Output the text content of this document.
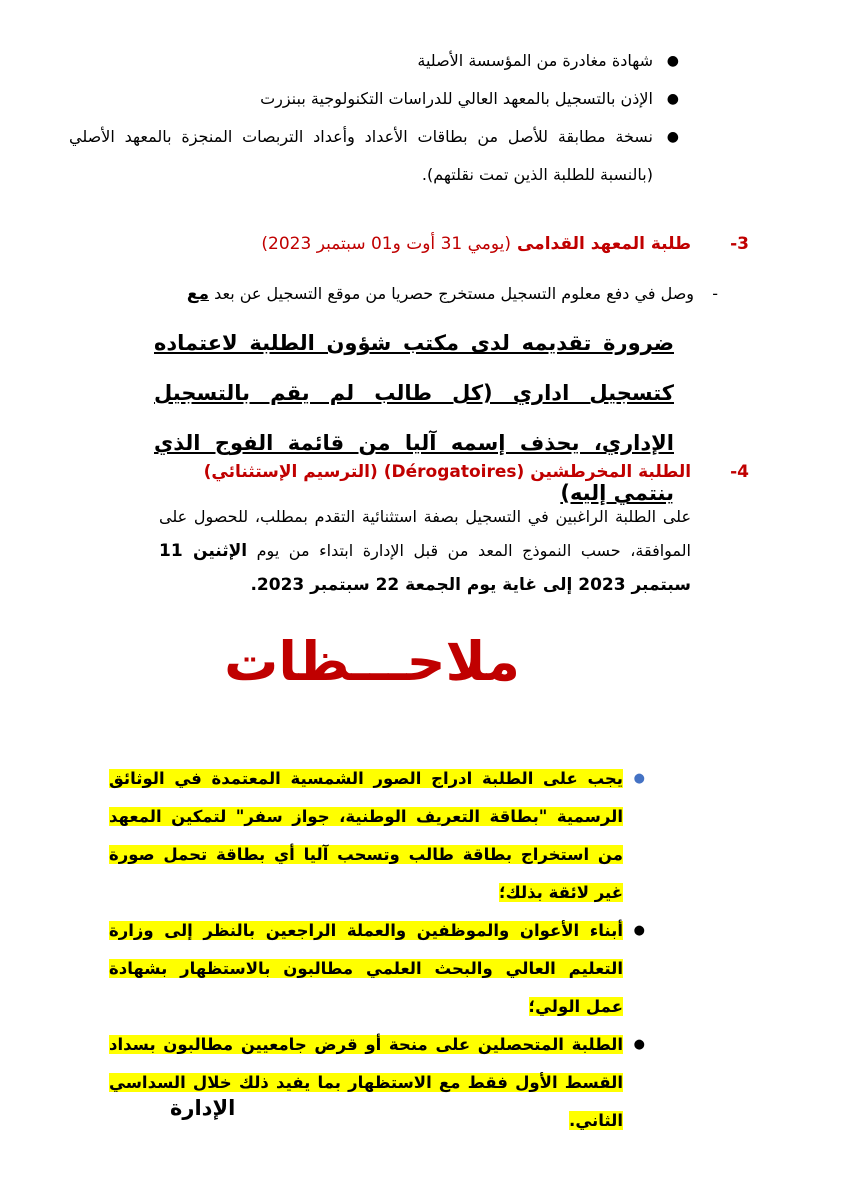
●
شهادة مغادرة من المؤسسة الأصلية
●
الإذن بالتسجيل بالمعهد العالي للدراسات التكنولوجية ببنزرت
●
نسخة مطابقة للأصل من بطاقات الأعداد وأعداد التربصات المنجزة بالمعهد الأصلي (بالنسبة للطلبة الذين تمت نقلتهم).
3- طلبة المعهد القدامى (يومي 31 أوت و01 سبتمبر 2023)
-
وصل في دفع معلوم التسجيل مستخرج حصريا من موقع التسجيل عن بعد مع
ضرورة تقديمه لدى مكتب شؤون الطلبة لاعتماده كتسجيل اداري (كل طالب لم يقم بالتسجيل الإداري، يحذف إسمه آليا من قائمة الفوج الذي ينتمي إليه)
4- الطلبة المخرطشين (Dérogatoires) (الترسيم الإستثنائي)
على الطلبة الراغبين في التسجيل بصفة استثنائية التقدم بمطلب، للحصول على الموافقة، حسب النموذج المعد من قبل الإدارة ابتداء من يوم الإثنين 11 سبتمبر 2023 إلى غاية يوم الجمعة 22 سبتمبر 2023.
ملاحـــظات
●
يجب على الطلبة ادراج الصور الشمسية المعتمدة في الوثائق الرسمية "بطاقة التعريف الوطنية، جواز سفر" لتمكين المعهد من استخراج بطاقة طالب وتسحب آليا أي بطاقة تحمل صورة غير لائقة بذلك؛
●
أبناء الأعوان والموظفين والعملة الراجعين بالنظر إلى وزارة التعليم العالي والبحث العلمي مطالبون بالاستظهار بشهادة عمل الولي؛
●
الطلبة المتحصلين على منحة أو قرض جامعيين مطالبون بسداد القسط الأول فقط مع الاستظهار بما يفيد ذلك خلال السداسي الثاني.
الإدارة
